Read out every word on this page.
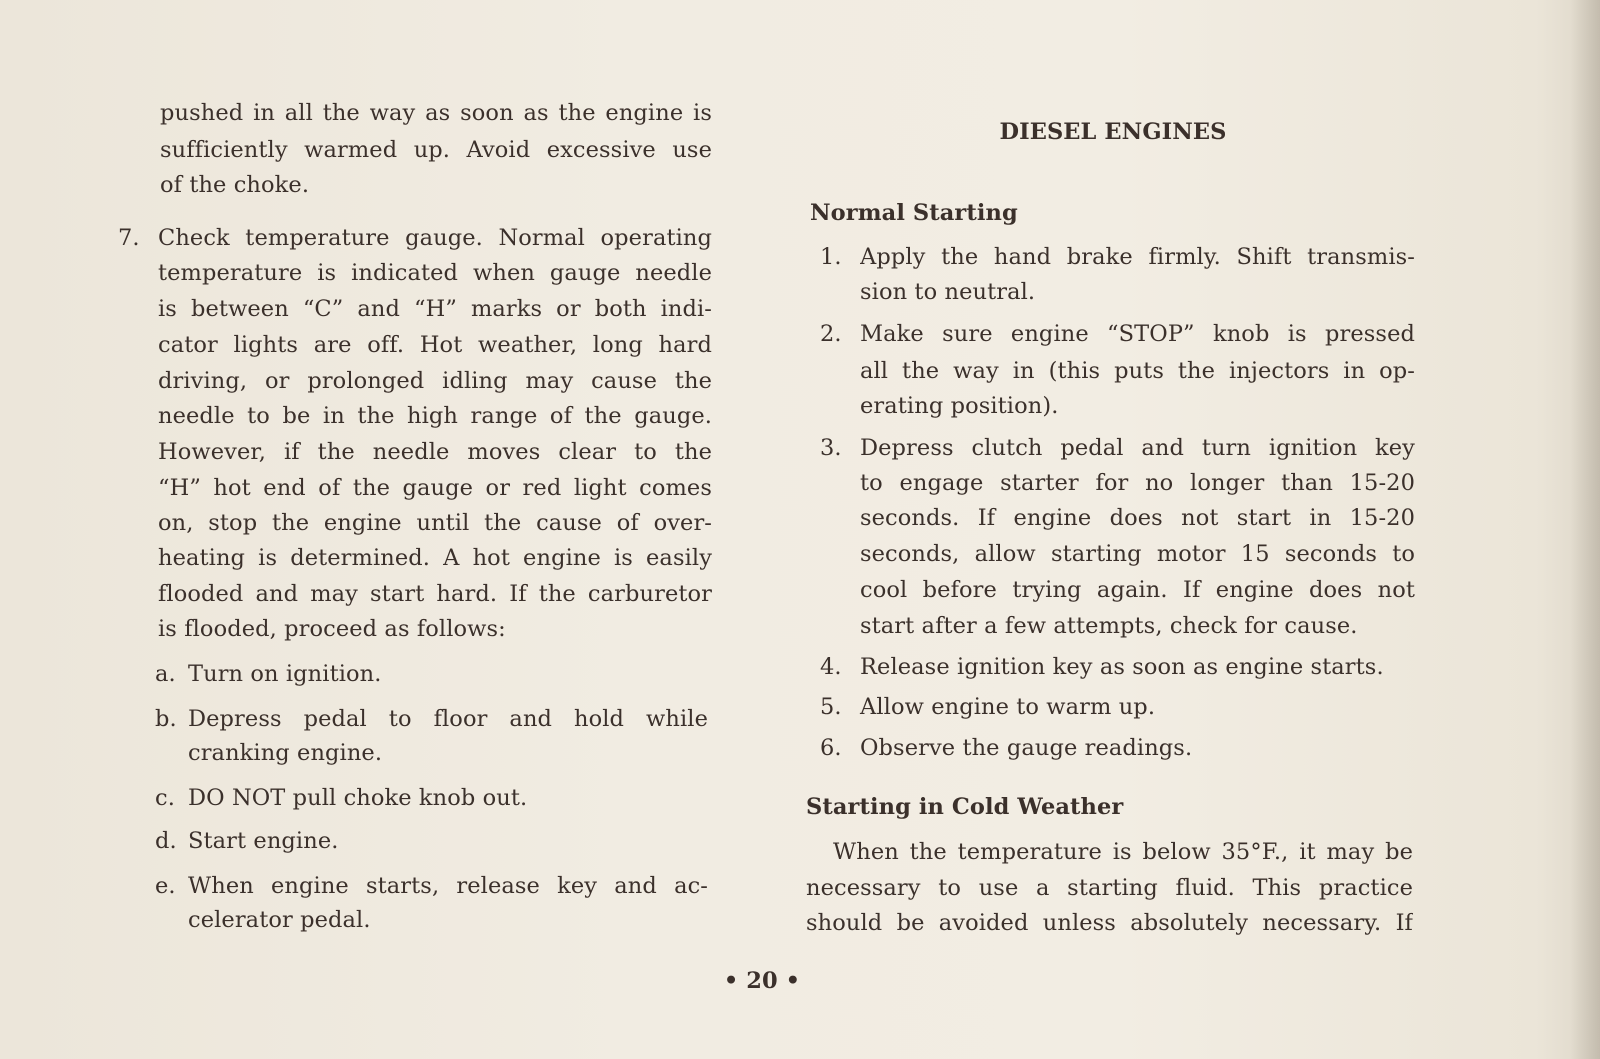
pushed in all the way as soon as the engine is
sufficiently warmed up. Avoid excessive use
of the choke.
7. Check temperature gauge. Normal operating
temperature is indicated when gauge needle
is between “C” and “H” marks or both indi-
cator lights are off. Hot weather, long hard
driving, or prolonged idling may cause the
needle to be in the high range of the gauge.
However, if the needle moves clear to the
“H” hot end of the gauge or red light comes
on, stop the engine until the cause of over-
heating is determined. A hot engine is easily
flooded and may start hard. If the carburetor
is flooded, proceed as follows:
a. Turn on ignition.
b. Depress pedal to floor and hold while
cranking engine.
c. DO NOT pull choke knob out.
d. Start engine.
e. When engine starts, release key and ac-
celerator pedal.
DIESEL ENGINES
Normal Starting
1. Apply the hand brake firmly. Shift transmis-
sion to neutral.
2. Make sure engine “STOP” knob is pressed
all the way in (this puts the injectors in op-
erating position).
3. Depress clutch pedal and turn ignition key
to engage starter for no longer than 15-20
seconds. If engine does not start in 15-20
seconds, allow starting motor 15 seconds to
cool before trying again. If engine does not
start after a few attempts, check for cause.
4. Release ignition key as soon as engine starts.
5. Allow engine to warm up.
6. Observe the gauge readings.
Starting in Cold Weather
When the temperature is below 35°F., it may be
necessary to use a starting fluid. This practice
should be avoided unless absolutely necessary. If
• 20 •
